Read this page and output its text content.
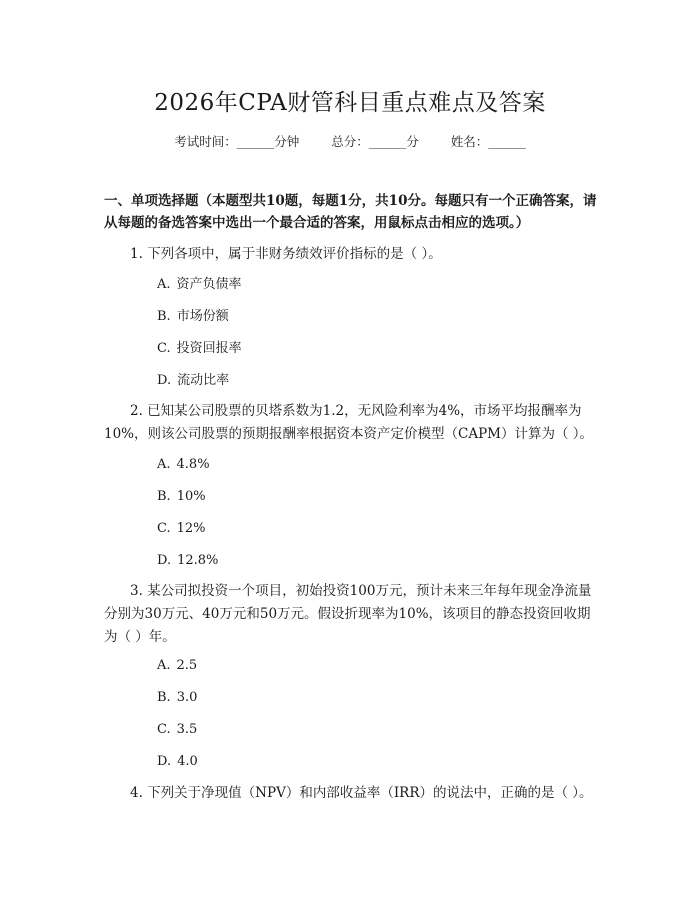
2026年CPA财管科目重点难点及答案
考试时间：______分钟	总分：______分	姓名：______
一、单项选择题（本题型共10题，每题1分，共10分。每题只有一个正确答案，请从每题的备选答案中选出一个最合适的答案，用鼠标点击相应的选项。）
1. 下列各项中，属于非财务绩效评价指标的是（ ）。
A. 资产负债率
B. 市场份额
C. 投资回报率
D. 流动比率
2. 已知某公司股票的贝塔系数为1.2，无风险利率为4%，市场平均报酬率为10%，则该公司股票的预期报酬率根据资本资产定价模型（CAPM）计算为（ ）。
A. 4.8%
B. 10%
C. 12%
D. 12.8%
3. 某公司拟投资一个项目，初始投资100万元，预计未来三年每年现金净流量分别为30万元、40万元和50万元。假设折现率为10%，该项目的静态投资回收期为（ ）年。
A. 2.5
B. 3.0
C. 3.5
D. 4.0
4. 下列关于净现值（NPV）和内部收益率（IRR）的说法中，正确的是（ ）。
